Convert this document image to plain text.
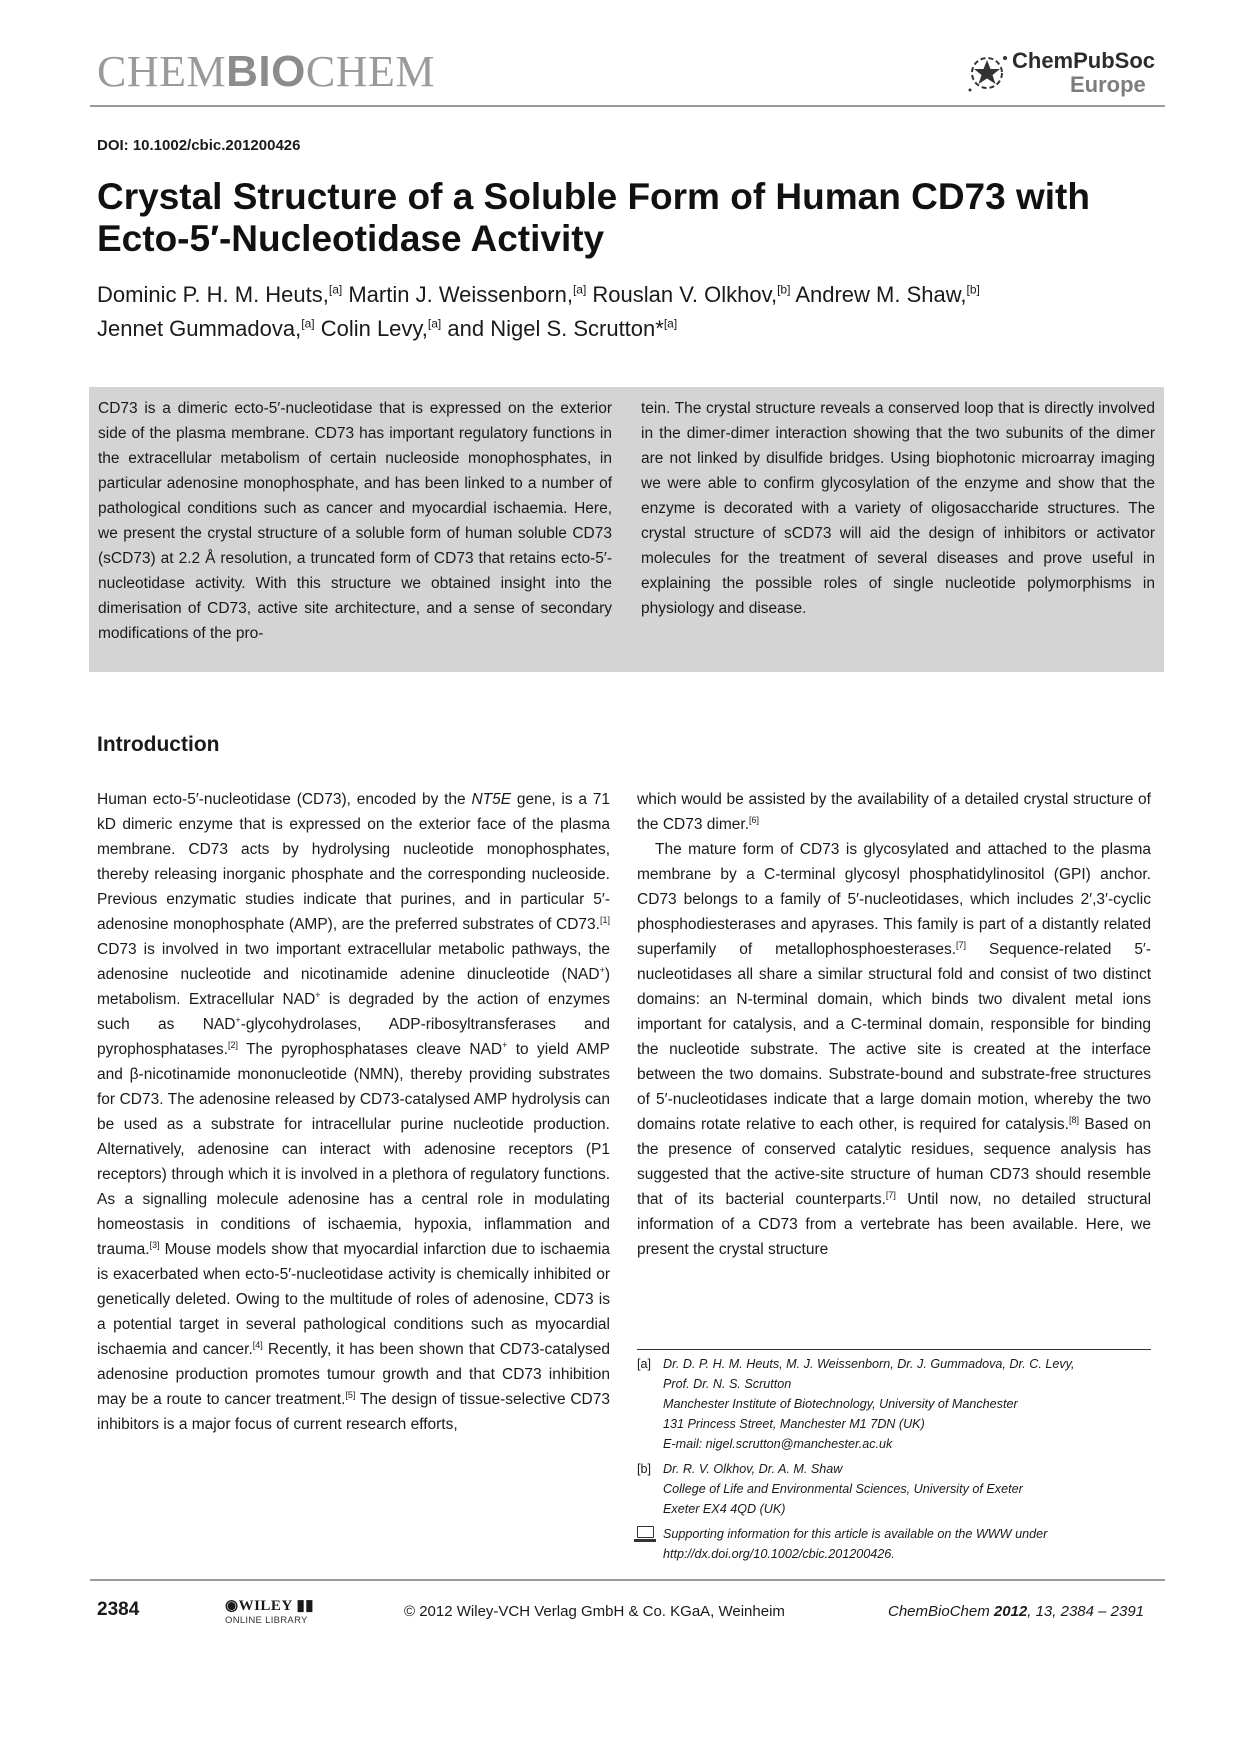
CHEMBIOCHEM	ChemPubSoc
Europe
DOI: 10.1002/cbic.201200426
Crystal Structure of a Soluble Form of Human CD73 with
Ecto-5′-Nucleotidase Activity
Dominic P. H. M. Heuts,[a] Martin J. Weissenborn,[a] Rouslan V. Olkhov,[b] Andrew M. Shaw,[b]
Jennet Gummadova,[a] Colin Levy,[a] and Nigel S. Scrutton*[a]
CD73 is a dimeric ecto-5′-nucleotidase that is expressed on the exterior side of the plasma membrane. CD73 has important regulatory functions in the extracellular metabolism of certain nucleoside monophosphates, in particular adenosine monophosphate, and has been linked to a number of pathological conditions such as cancer and myocardial ischaemia. Here, we present the crystal structure of a soluble form of human soluble CD73 (sCD73) at 2.2 Å resolution, a truncated form of CD73 that retains ecto-5′-nucleotidase activity. With this structure we obtained insight into the dimerisation of CD73, active site architecture, and a sense of secondary modifications of the pro-
tein. The crystal structure reveals a conserved loop that is directly involved in the dimer-dimer interaction showing that the two subunits of the dimer are not linked by disulfide bridges. Using biophotonic microarray imaging we were able to confirm glycosylation of the enzyme and show that the enzyme is decorated with a variety of oligosaccharide structures. The crystal structure of sCD73 will aid the design of inhibitors or activator molecules for the treatment of several diseases and prove useful in explaining the possible roles of single nucleotide polymorphisms in physiology and disease.
Introduction

Human ecto-5′-nucleotidase (CD73), encoded by the NT5E gene, is a 71 kD dimeric enzyme that is expressed on the exterior face of the plasma membrane. CD73 acts by hydrolysing nucleotide monophosphates, thereby releasing inorganic phosphate and the corresponding nucleoside. Previous enzymatic studies indicate that purines, and in particular 5′-adenosine monophosphate (AMP), are the preferred substrates of CD73.[1] CD73 is involved in two important extracellular metabolic pathways, the adenosine nucleotide and nicotinamide adenine dinucleotide (NAD+) metabolism. Extracellular NAD+ is degraded by the action of enzymes such as NAD+-glycohydrolases, ADP-ribosyltransferases and pyrophosphatases.[2] The pyrophosphatases cleave NAD+ to yield AMP and β-nicotinamide mononucleotide (NMN), thereby providing substrates for CD73. The adenosine released by CD73-catalysed AMP hydrolysis can be used as a substrate for intracellular purine nucleotide production. Alternatively, adenosine can interact with adenosine receptors (P1 receptors) through which it is involved in a plethora of regulatory functions. As a signalling molecule adenosine has a central role in modulating homeostasis in conditions of ischaemia, hypoxia, inflammation and trauma.[3] Mouse models show that myocardial infarction due to ischaemia is exacerbated when ecto-5′-nucleotidase activity is chemically inhibited or genetically deleted. Owing to the multitude of roles of adenosine, CD73 is a potential target in several pathological conditions such as myocardial ischaemia and cancer.[4] Recently, it has been shown that CD73-catalysed adenosine production promotes tumour growth and that CD73 inhibition may be a route to cancer treatment.[5] The design of tissue-selective CD73 inhibitors is a major focus of current research efforts,

which would be assisted by the availability of a detailed crystal structure of the CD73 dimer.[6]

The mature form of CD73 is glycosylated and attached to the plasma membrane by a C-terminal glycosyl phosphatidylinositol (GPI) anchor. CD73 belongs to a family of 5′-nucleotidases, which includes 2′,3′-cyclic phosphodiesterases and apyrases. This family is part of a distantly related superfamily of metallophosphoesterases.[7] Sequence-related 5′-nucleotidases all share a similar structural fold and consist of two distinct domains: an N-terminal domain, which binds two divalent metal ions important for catalysis, and a C-terminal domain, responsible for binding the nucleotide substrate. The active site is created at the interface between the two domains. Substrate-bound and substrate-free structures of 5′-nucleotidases indicate that a large domain motion, whereby the two domains rotate relative to each other, is required for catalysis.[8] Based on the presence of conserved catalytic residues, sequence analysis has suggested that the active-site structure of human CD73 should resemble that of its bacterial counterparts.[7] Until now, no detailed structural information of a CD73 from a vertebrate has been available. Here, we present the crystal structure

[a] Dr. D. P. H. M. Heuts, M. J. Weissenborn, Dr. J. Gummadova, Dr. C. Levy,
Prof. Dr. N. S. Scrutton
Manchester Institute of Biotechnology, University of Manchester
131 Princess Street, Manchester M1 7DN (UK)
E-mail: nigel.scrutton@manchester.ac.uk
[b] Dr. R. V. Olkhov, Dr. A. M. Shaw
College of Life and Environmental Sciences, University of Exeter
Exeter EX4 4QD (UK)
Supporting information for this article is available on the WWW under
http://dx.doi.org/10.1002/cbic.201200426.
2384	◉WILEY ▮▮
ONLINE LIBRARY
© 2012 Wiley-VCH Verlag GmbH & Co. KGaA, Weinheim	ChemBioChem 2012, 13, 2384 – 2391
